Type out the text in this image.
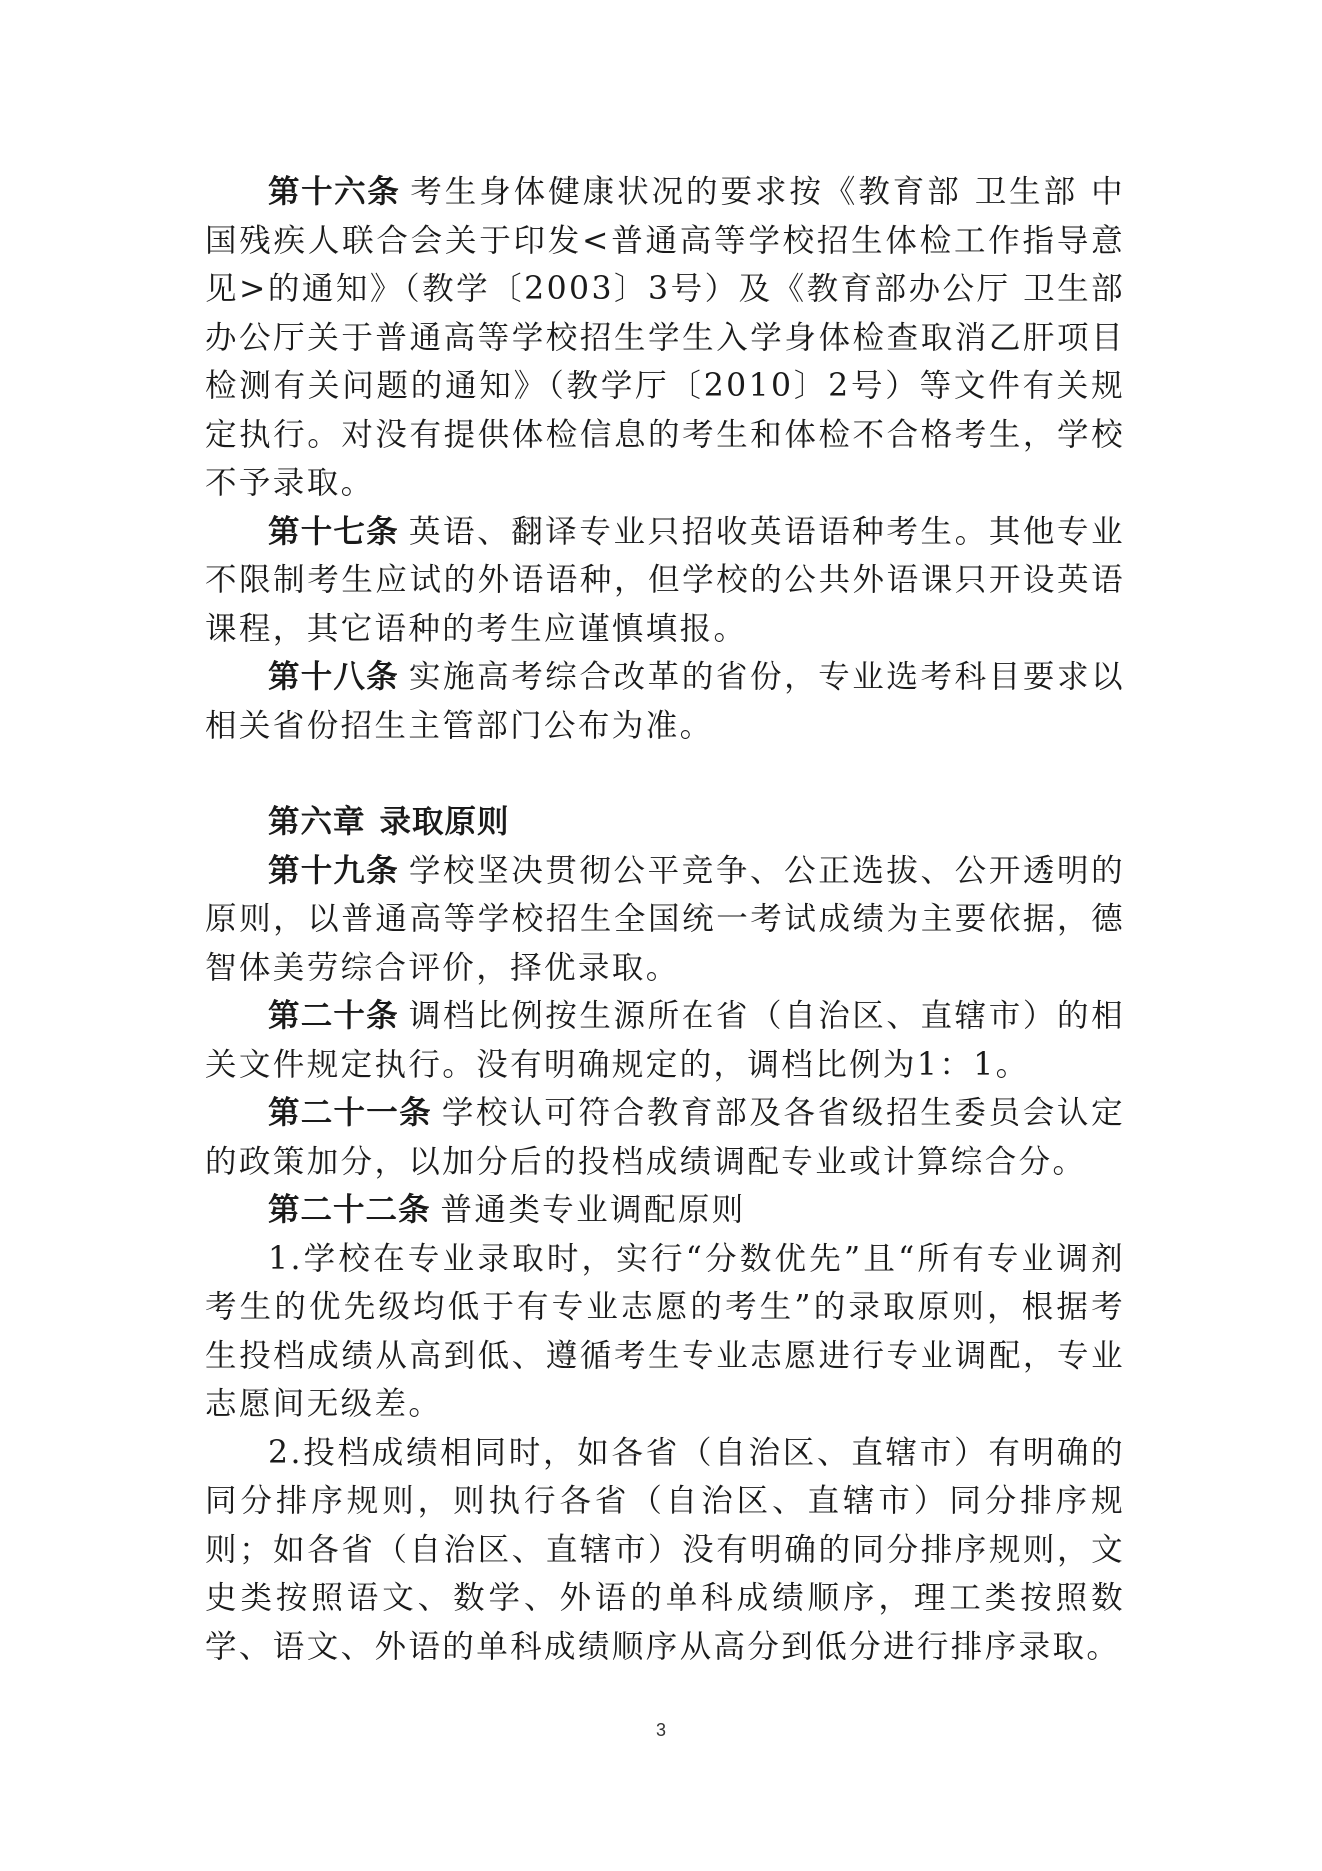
第十六条 考生身体健康状况的要求按《教育部 卫生部 中国残疾人联合会关于印发<普通高等学校招生体检工作指导意见>的通知》（教学〔2003〕3号）及《教育部办公厅 卫生部办公厅关于普通高等学校招生学生入学身体检查取消乙肝项目检测有关问题的通知》（教学厅〔2010〕2号）等文件有关规定执行。对没有提供体检信息的考生和体检不合格考生，学校不予录取。

第十七条 英语、翻译专业只招收英语语种考生。其他专业不限制考生应试的外语语种，但学校的公共外语课只开设英语课程，其它语种的考生应谨慎填报。

第十八条 实施高考综合改革的省份，专业选考科目要求以相关省份招生主管部门公布为准。

第六章 录取原则

第十九条 学校坚决贯彻公平竞争、公正选拔、公开透明的原则，以普通高等学校招生全国统一考试成绩为主要依据，德智体美劳综合评价，择优录取。

第二十条 调档比例按生源所在省（自治区、直辖市）的相关文件规定执行。没有明确规定的，调档比例为1：1。

第二十一条 学校认可符合教育部及各省级招生委员会认定的政策加分，以加分后的投档成绩调配专业或计算综合分。

第二十二条 普通类专业调配原则

1.学校在专业录取时，实行“分数优先”且“所有专业调剂考生的优先级均低于有专业志愿的考生”的录取原则，根据考生投档成绩从高到低、遵循考生专业志愿进行专业调配，专业志愿间无级差。

2.投档成绩相同时，如各省（自治区、直辖市）有明确的同分排序规则，则执行各省（自治区、直辖市）同分排序规则；如各省（自治区、直辖市）没有明确的同分排序规则，文史类按照语文、数学、外语的单科成绩顺序，理工类按照数学、语文、外语的单科成绩顺序从高分到低分进行排序录取。

3
